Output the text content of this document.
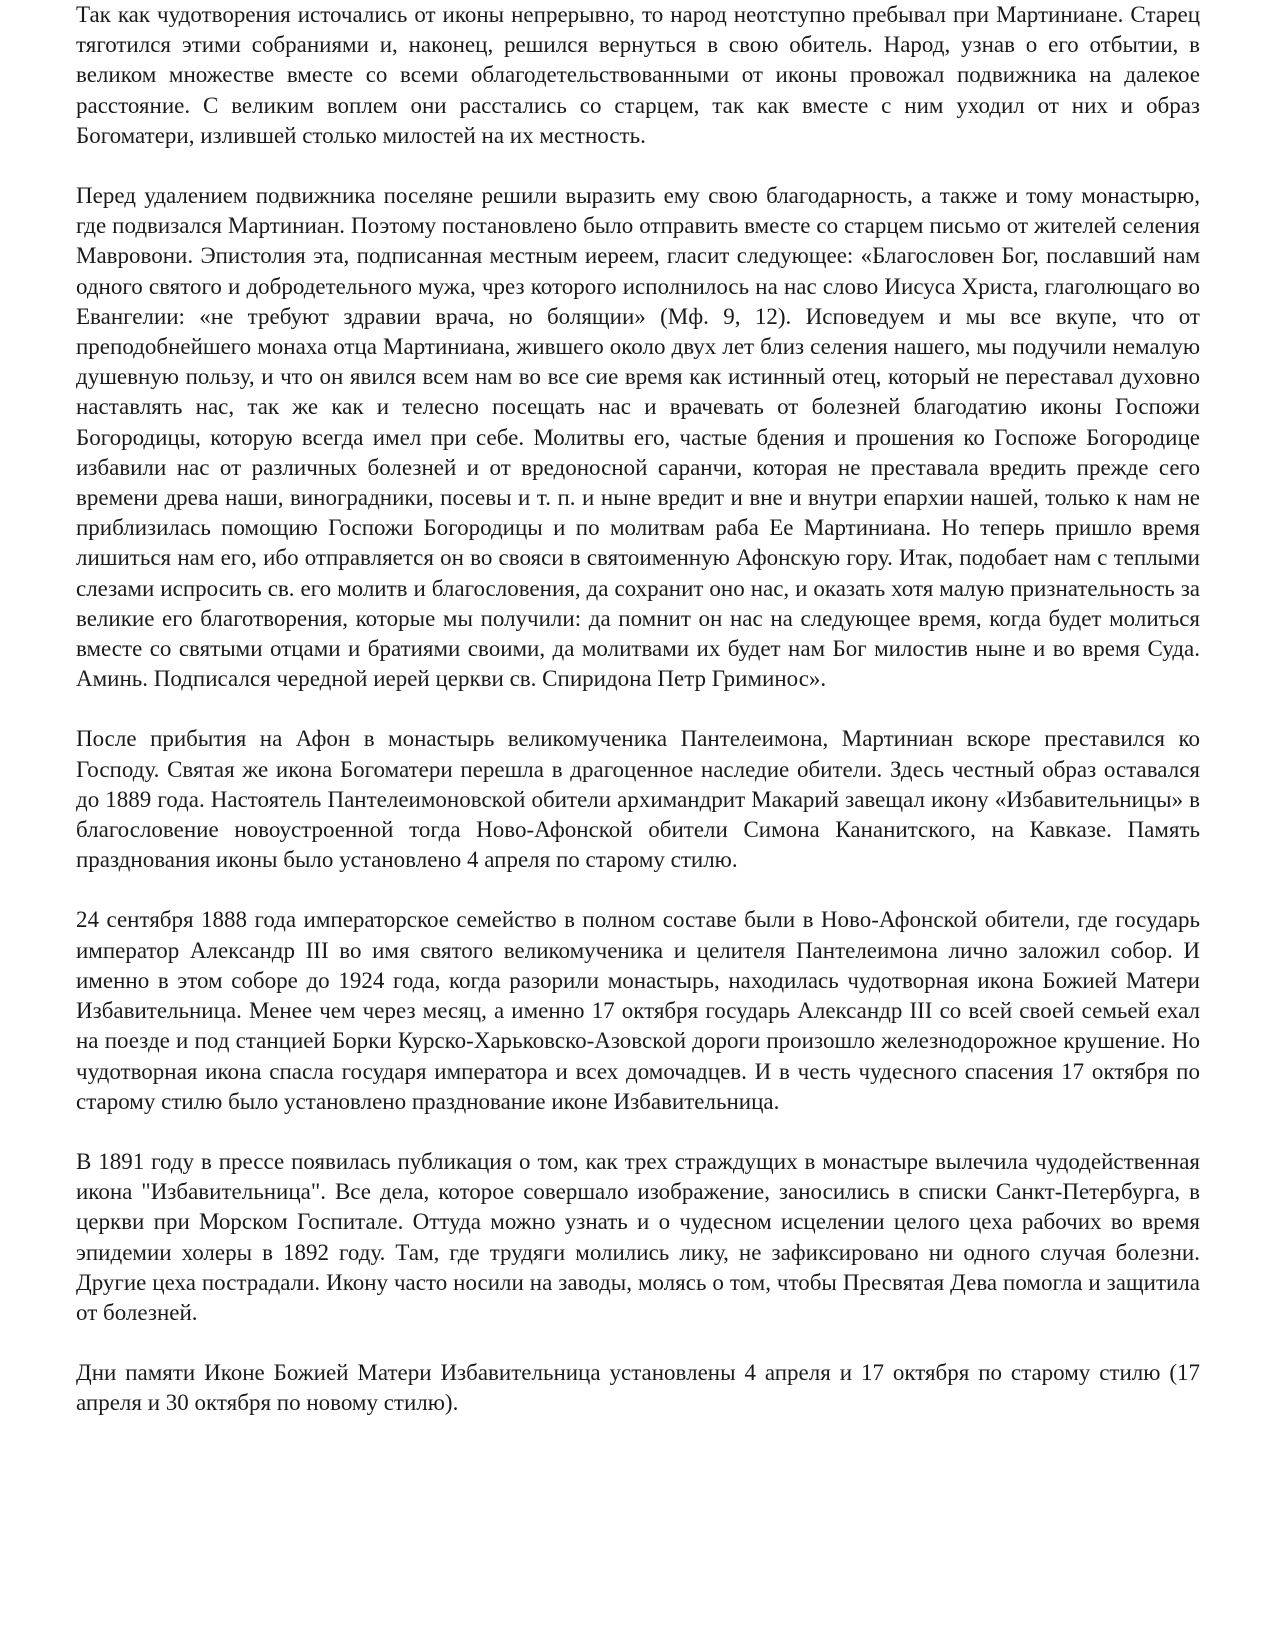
Так как чудотворения источались от иконы непрерывно, то народ неотступно пребывал при Мартиниане. Старец тяготился этими собраниями и, наконец, решился вернуться в свою обитель. Народ, узнав о его отбытии, в великом множестве вместе со всеми облагодетельствованными от иконы провожал подвижника на далекое расстояние. С великим воплем они расстались со старцем, так как вместе с ним уходил от них и образ Богоматери, излившей столько милостей на их местность.

Перед удалением подвижника поселяне решили выразить ему свою благодарность, а также и тому монастырю, где подвизался Мартиниан. Поэтому постановлено было отправить вместе со старцем письмо от жителей селения Мавровони. Эпистолия эта, подписанная местным иереем, гласит следующее: «Благословен Бог, пославший нам одного святого и добродетельного мужа, чрез которого исполнилось на нас слово Иисуса Христа, глаголющаго во Евангелии: «не требуют здравии врача, но болящии» (Мф. 9, 12). Исповедуем и мы все вкупе, что от преподобнейшего монаха отца Мартиниана, жившего около двух лет близ селения нашего, мы подучили немалую душевную пользу, и что он явился всем нам во все сие время как истинный отец, который не переставал духовно наставлять нас, так же как и телесно посещать нас и врачевать от болезней благодатию иконы Госпожи Богородицы, которую всегда имел при себе. Молитвы его, частые бдения и прошения ко Госпоже Богородице избавили нас от различных болезней и от вредоносной саранчи, которая не преставала вредить прежде сего времени древа наши, виноградники, посевы и т. п. и ныне вредит и вне и внутри епархии нашей, только к нам не приблизилась помощию Госпожи Богородицы и по молитвам раба Ее Мартиниана. Но теперь пришло время лишиться нам его, ибо отправляется он во свояси в святоименную Афонскую гору. Итак, подобает нам с теплыми слезами испросить св. его молитв и благословения, да сохранит оно нас, и оказать хотя малую признательность за великие его благотворения, которые мы получили: да помнит он нас на следующее время, когда будет молиться вместе со святыми отцами и братиями своими, да молитвами их будет нам Бог милостив ныне и во время Суда. Аминь. Подписался чередной иерей церкви св. Спиридона Петр Гриминос».

После прибытия на Афон в монастырь великомученика Пантелеимона, Мартиниан вскоре преставился ко Господу. Святая же икона Богоматери перешла в драгоценное наследие обители. Здесь честный образ оставался до 1889 года. Настоятель Пантелеимоновской обители архимандрит Макарий завещал икону «Избавительницы» в благословение новоустроенной тогда Ново-Афонской обители Симона Кананитского, на Кавказе. Память празднования иконы было установлено 4 апреля по старому стилю.

24 сентября 1888 года императорское семейство в полном составе были в Ново-Афонской обители, где государь император Александр III во имя святого великомученика и целителя Пантелеимона лично заложил собор. И именно в этом соборе до 1924 года, когда разорили монастырь, находилась чудотворная икона Божией Матери Избавительница. Менее чем через месяц, а именно 17 октября государь Александр III со всей своей семьей ехал на поезде и под станцией Борки Курско-Харьковско-Азовской дороги произошло железнодорожное крушение. Но чудотворная икона спасла государя императора и всех домочадцев. И в честь чудесного спасения 17 октября по старому стилю было установлено празднование иконе Избавительница.

В 1891 году в прессе появилась публикация о том, как трех страждущих в монастыре вылечила чудодейственная икона "Избавительница". Все дела, которое совершало изображение, заносились в списки Санкт-Петербурга, в церкви при Морском Госпитале. Оттуда можно узнать и о чудесном исцелении целого цеха рабочих во время эпидемии холеры в 1892 году. Там, где трудяги молились лику, не зафиксировано ни одного случая болезни. Другие цеха пострадали. Икону часто носили на заводы, молясь о том, чтобы Пресвятая Дева помогла и защитила от болезней.

Дни памяти Иконе Божией Матери Избавительница установлены 4 апреля и 17 октября по старому стилю (17 апреля и 30 октября по новому стилю).
